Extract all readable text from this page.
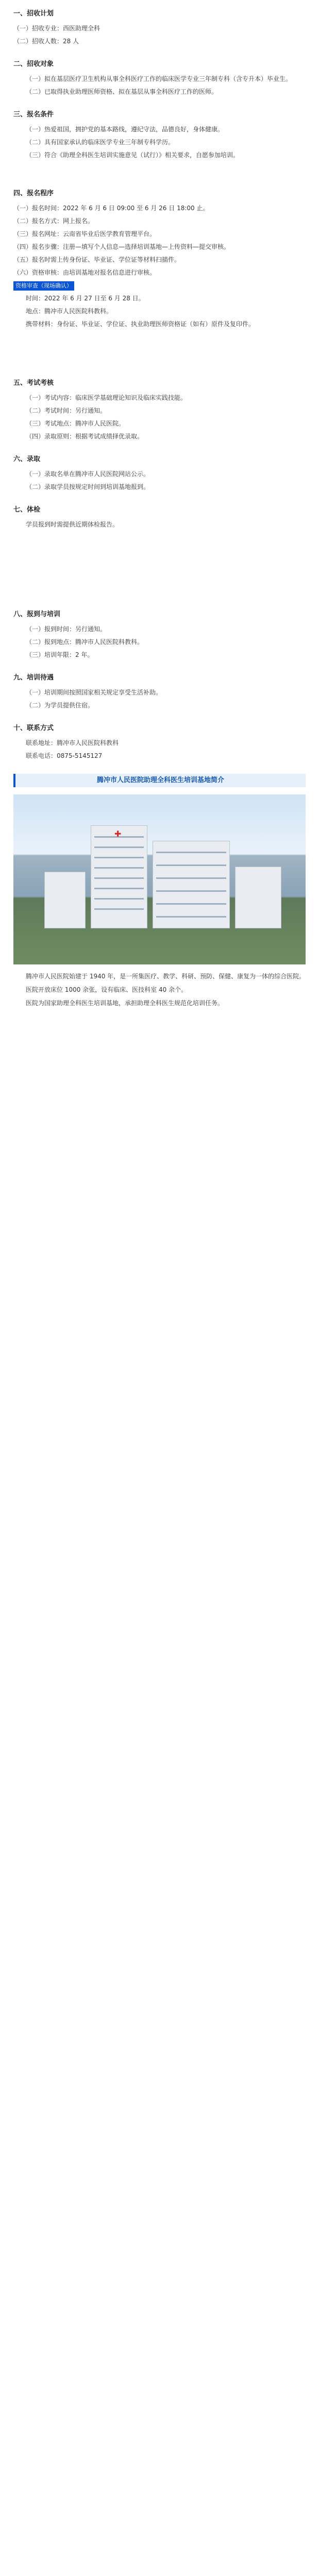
一、招收计划

（一）招收专业：西医助理全科

（二）招收人数：28 人

二、招收对象

（一）拟在基层医疗卫生机构从事全科医疗工作的临床医学专业三年制专科（含专升本）毕业生。

（二）已取得执业助理医师资格、拟在基层从事全科医疗工作的医师。

三、报名条件

（一）热爱祖国，拥护党的基本路线，遵纪守法，品德良好，身体健康。

（二）具有国家承认的临床医学专业三年制专科学历。

（三）符合《助理全科医生培训实施意见（试行）》相关要求，自愿参加培训。

四、报名程序

（一）报名时间：2022 年 6 月 6 日 09:00 至 6 月 26 日 18:00 止。

（二）报名方式：网上报名。

（三）报名网址：云南省毕业后医学教育管理平台。

（四）报名步骤：注册—填写个人信息—选择培训基地—上传资料—提交审核。

（五）报名时需上传身份证、毕业证、学位证等材料扫描件。

（六）资格审核：由培训基地对报名信息进行审核。

资格审查（现场确认）

时间：2022 年 6 月 27 日至 6 月 28 日。

地点：腾冲市人民医院科教科。

携带材料：身份证、毕业证、学位证、执业助理医师资格证（如有）原件及复印件。

五、考试考核

（一）考试内容：临床医学基础理论知识及临床实践技能。

（二）考试时间：另行通知。

（三）考试地点：腾冲市人民医院。

（四）录取原则：根据考试成绩择优录取。

六、录取

（一）录取名单在腾冲市人民医院网站公示。

（二）录取学员按规定时间到培训基地报到。

七、体检

学员报到时需提供近期体检报告。

八、报到与培训

（一）报到时间：另行通知。

（二）报到地点：腾冲市人民医院科教科。

（三）培训年限：2 年。

九、培训待遇

（一）培训期间按照国家相关规定享受生活补助。

（二）为学员提供住宿。

十、联系方式

联系地址：腾冲市人民医院科教科

联系电话：0875-5145127

腾冲市人民医院助理全科医生培训基地简介
✚

腾冲市人民医院始建于 1940 年，是一所集医疗、教学、科研、预防、保健、康复为一体的综合医院。

医院开放床位 1000 余张，设有临床、医技科室 40 余个。

医院为国家助理全科医生培训基地，承担助理全科医生规范化培训任务。
